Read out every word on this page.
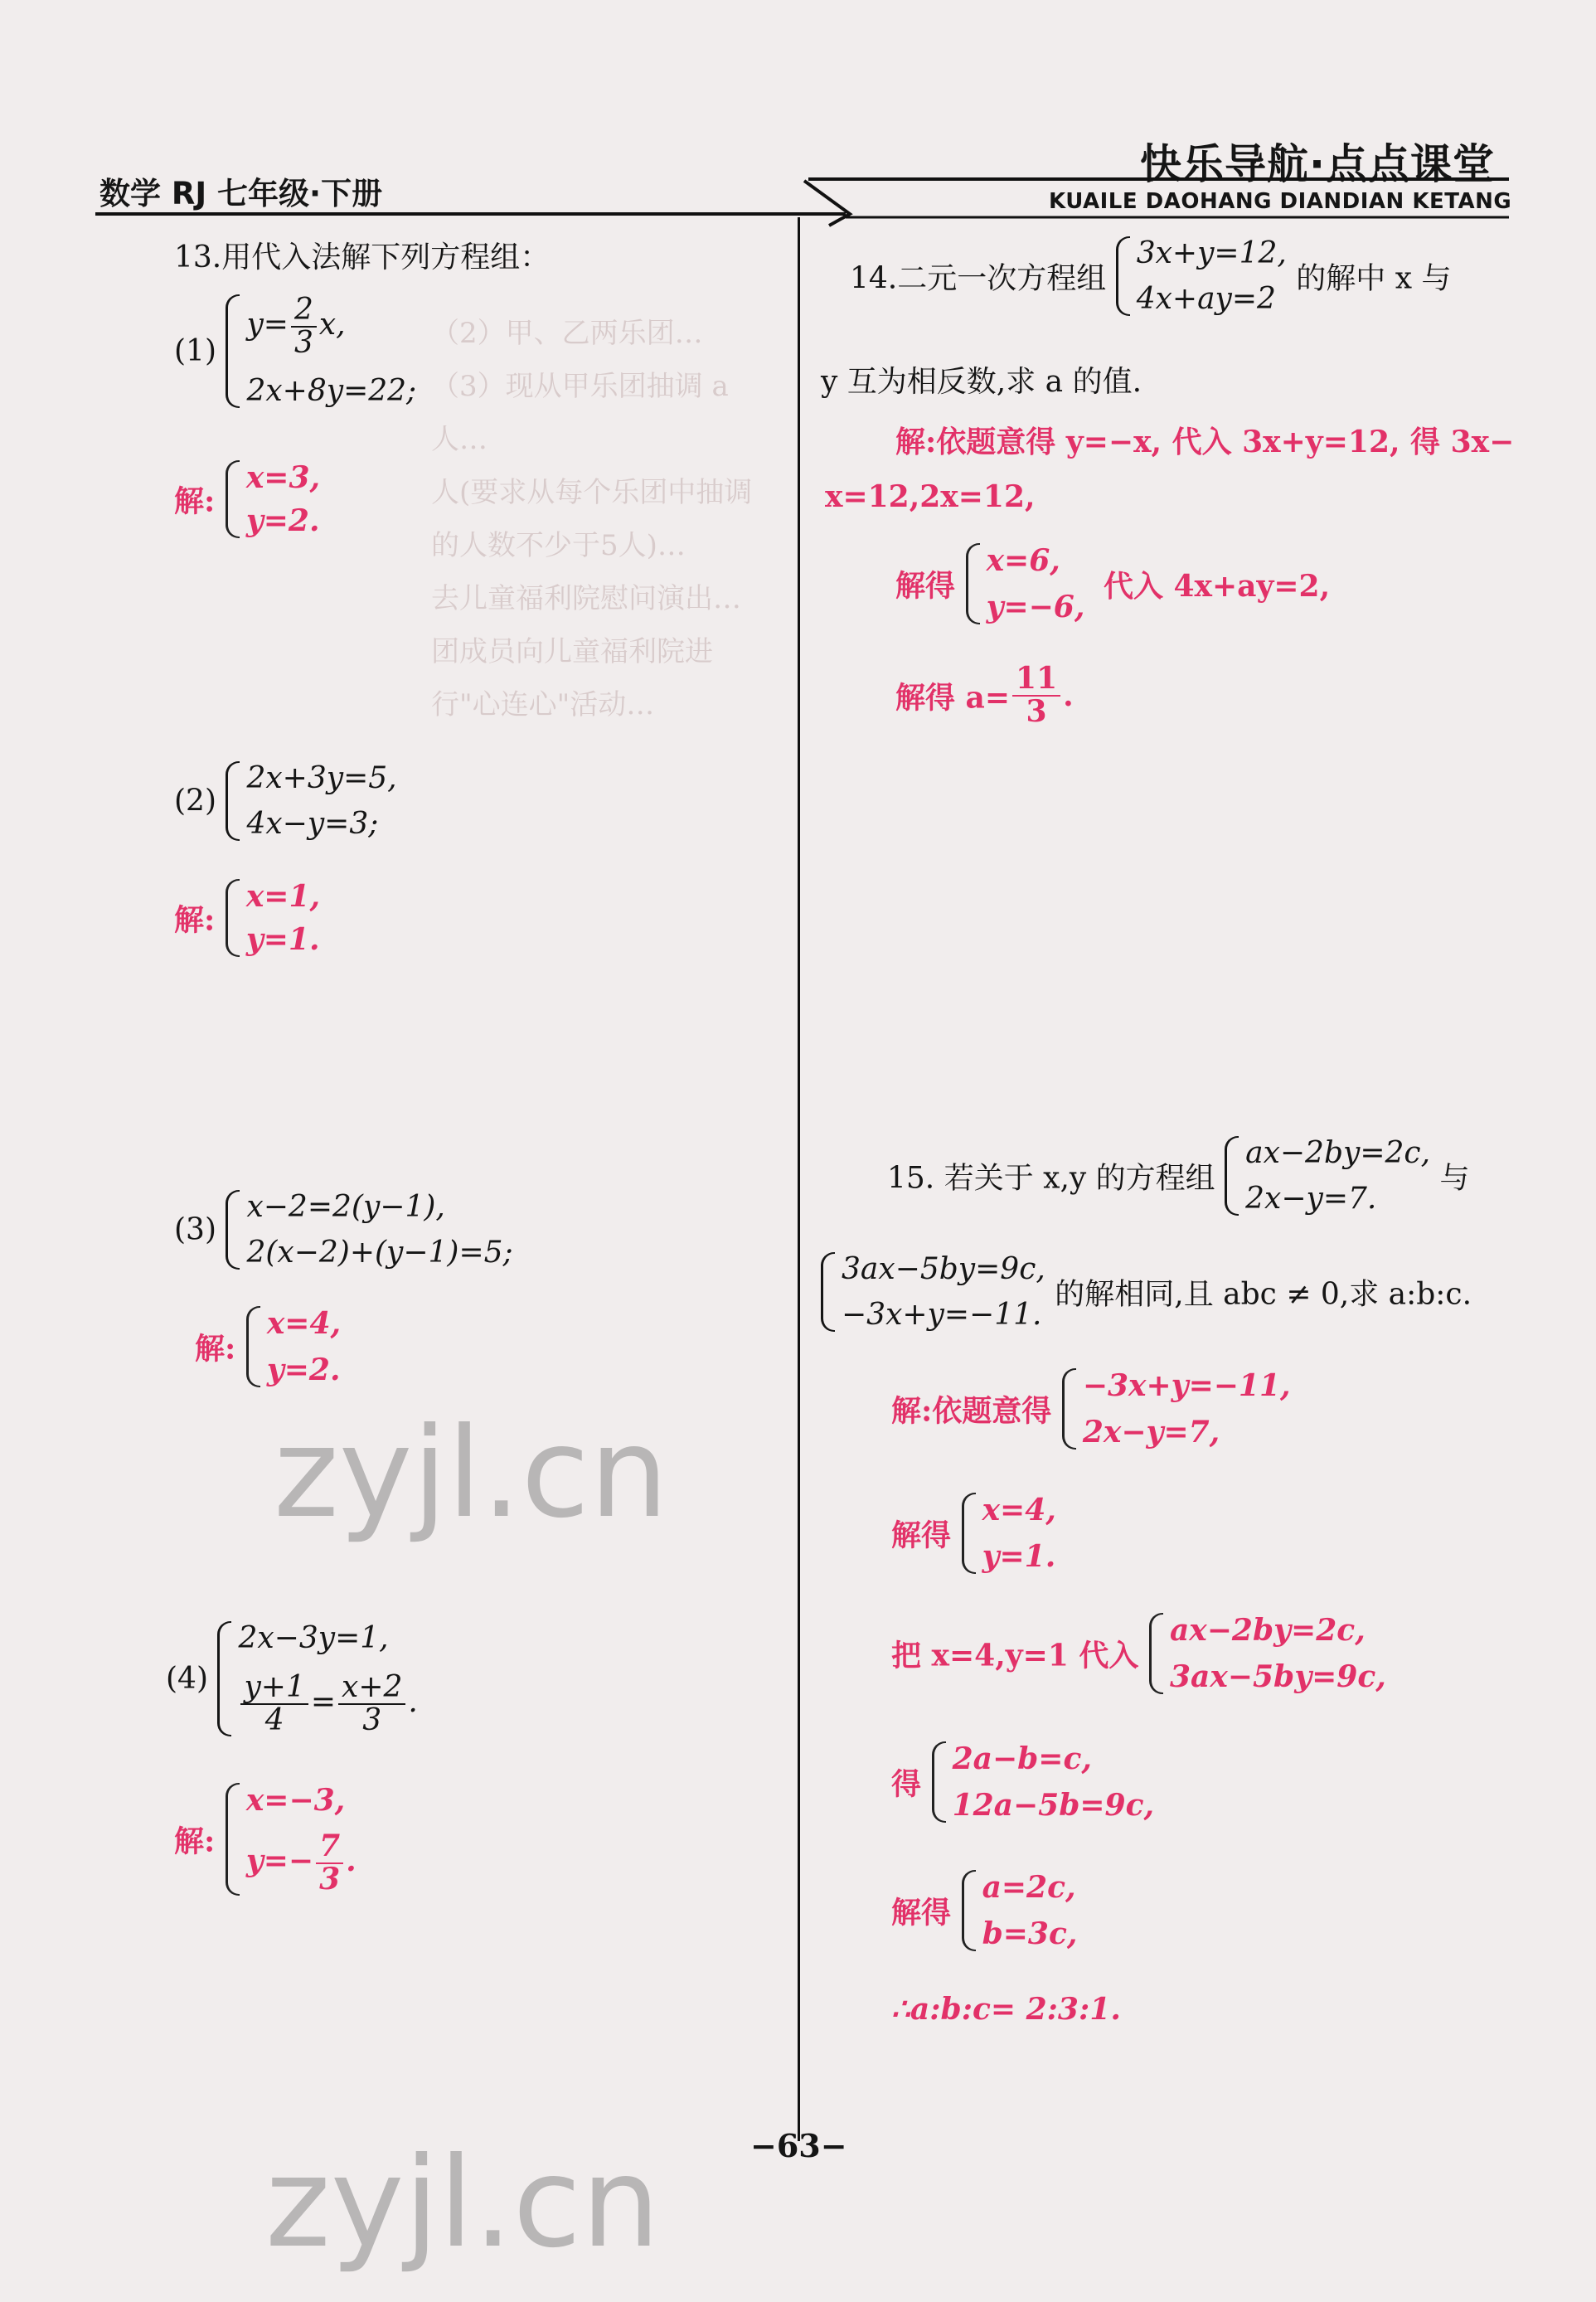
（2）甲、乙两乐团…
（3）现从甲乐团抽调 a 人…
人(要求从每个乐团中抽调的人数不少于5人)…
去儿童福利院慰问演出…
团成员向儿童福利院进行"心连心"活动…
数学 RJ 七年级·下册
快乐导航·点点课堂
KUAILE DAOHANG DIANDIAN KETANG
13.用代入法解下列方程组：
(1)
$y= \frac{2}{3} x$,
2x+8y=22;
解:
x=3,
y=2.
(2)
2x+3y=5,
4x−y=3;
解:
x=1,
y=1.
(3)
x−2=2(y−1),
2(x−2)+(y−1)=5;
解:
x=4,
y=2.
(4)
2x−3y=1,
$\frac{y+1}{4} = \frac{x+2}{3}$ .
解:
x=−3,
$y=- \frac{7}{3}$ .
14.二元一次方程组
3x+y=12,
4x+ay=2
的解中 x 与
y 互为相反数,求 a 的值.
解:依题意得 y=−x, 代入 3x+y=12, 得 3x−
x=12,2x=12,
解得
x=6,
y=−6,
代入 4x+ay=2,
解得 $a= \frac{11}{3}$ .
15. 若关于 x,y 的方程组
ax−2by=2c,
2x−y=7.
与
3ax−5by=9c,
−3x+y=−11.
的解相同,且 abc ≠ 0,求 a:b:c.
解:依题意得
−3x+y=−11,
2x−y=7,
解得
x=4,
y=1.
把 x=4,y=1 代入
ax−2by=2c,
3ax−5by=9c,
得
2a−b=c,
12a−5b=9c,
解得
a=2c,
b=3c,
∴a:b:c= 2:3:1.
−63−
zyjl.cn
zyjl.cn
